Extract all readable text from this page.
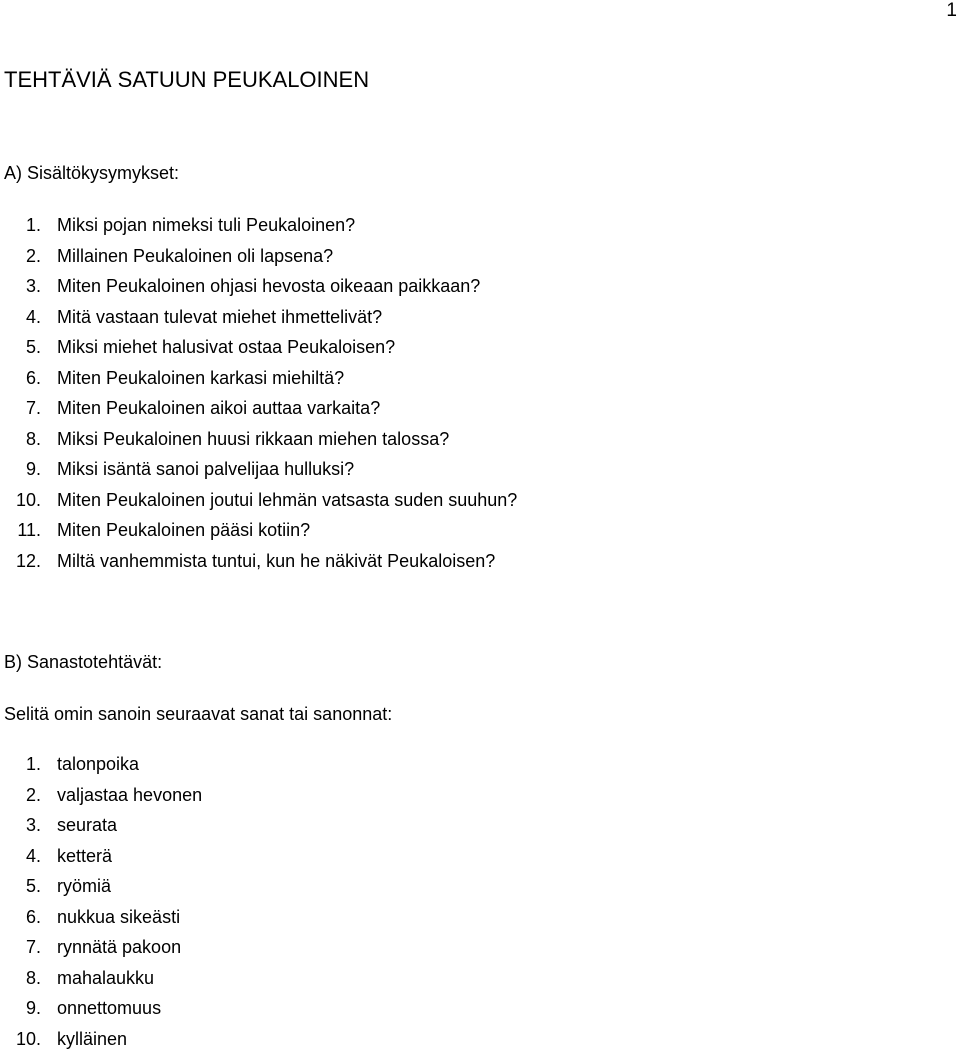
1
TEHTÄVIÄ SATUUN PEUKALOINEN
A) Sisältökysymykset:
1. Miksi pojan nimeksi tuli Peukaloinen?
2. Millainen Peukaloinen oli lapsena?
3. Miten Peukaloinen ohjasi hevosta oikeaan paikkaan?
4. Mitä vastaan tulevat miehet ihmettelivät?
5. Miksi miehet halusivat ostaa Peukaloisen?
6. Miten Peukaloinen karkasi miehiltä?
7. Miten Peukaloinen aikoi auttaa varkaita?
8. Miksi Peukaloinen huusi rikkaan miehen talossa?
9. Miksi isäntä sanoi palvelijaa hulluksi?
10. Miten Peukaloinen joutui lehmän vatsasta suden suuhun?
11. Miten Peukaloinen pääsi kotiin?
12. Miltä vanhemmista tuntui, kun he näkivät Peukaloisen?
B) Sanastotehtävät:

Selitä omin sanoin seuraavat sanat tai sanonnat:

1. talonpoika
2. valjastaa hevonen
3. seurata
4. ketterä
5. ryömiä
6. nukkua sikeästi
7. rynnätä pakoon
8. mahalaukku
9. onnettomuus
10. kylläinen
